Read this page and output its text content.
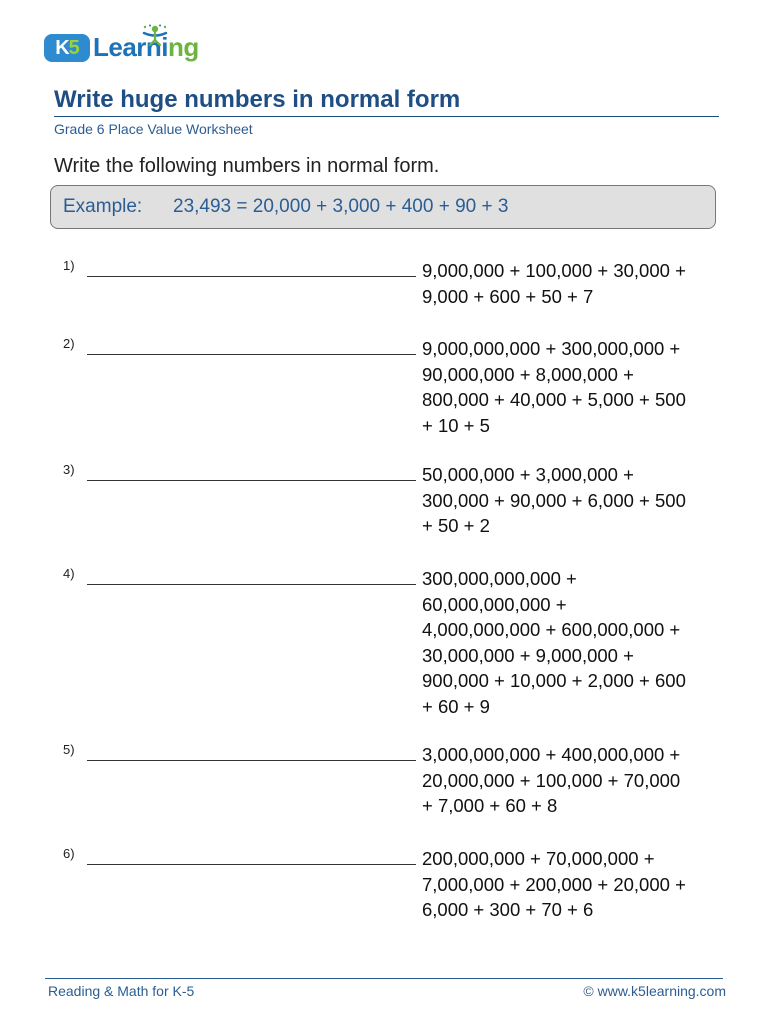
K5 Learning
Write huge numbers in normal form
Grade 6 Place Value Worksheet
Write the following numbers in normal form.
Example: 23,493 = 20,000 + 3,000 + 400 + 90 + 3
1)	9,000,000 + 100,000 + 30,000 +
9,000 + 600 + 50 + 7
2)	9,000,000,000 + 300,000,000 +
90,000,000 + 8,000,000 +
800,000 + 40,000 + 5,000 + 500
+ 10 + 5
3)	50,000,000 + 3,000,000 +
300,000 + 90,000 + 6,000 + 500
+ 50 + 2
4)	300,000,000,000 +
60,000,000,000 +
4,000,000,000 + 600,000,000 +
30,000,000 + 9,000,000 +
900,000 + 10,000 + 2,000 + 600
+ 60 + 9
5)	3,000,000,000 + 400,000,000 +
20,000,000 + 100,000 + 70,000
+ 7,000 + 60 + 8
6)	200,000,000 + 70,000,000 +
7,000,000 + 200,000 + 20,000 +
6,000 + 300 + 70 + 6
Reading & Math for K-5	© www.k5learning.com
